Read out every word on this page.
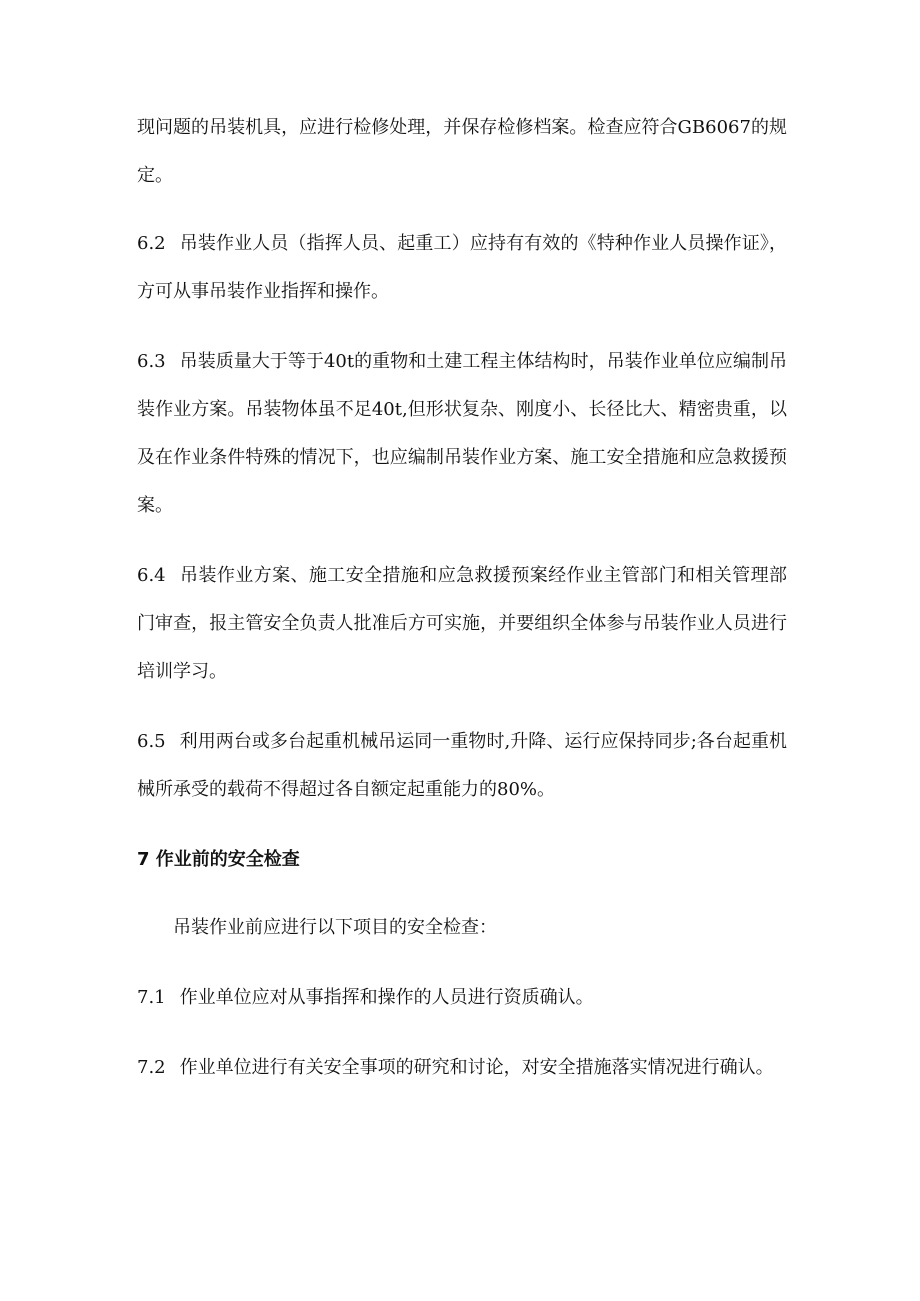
现问题的吊装机具，应进行检修处理，并保存检修档案。检查应符合GB6067的规定。

6.2 吊装作业人员（指挥人员、起重工）应持有有效的《特种作业人员操作证》，方可从事吊装作业指挥和操作。

6.3 吊装质量大于等于40t的重物和土建工程主体结构时，吊装作业单位应编制吊装作业方案。吊装物体虽不足40t,但形状复杂、刚度小、长径比大、精密贵重，以及在作业条件特殊的情况下，也应编制吊装作业方案、施工安全措施和应急救援预案。

6.4 吊装作业方案、施工安全措施和应急救援预案经作业主管部门和相关管理部门审查，报主管安全负责人批准后方可实施，并要组织全体参与吊装作业人员进行培训学习。

6.5 利用两台或多台起重机械吊运同一重物时,升降、运行应保持同步;各台起重机械所承受的载荷不得超过各自额定起重能力的80%。

7 作业前的安全检查

吊装作业前应进行以下项目的安全检查：

7.1 作业单位应对从事指挥和操作的人员进行资质确认。

7.2 作业单位进行有关安全事项的研究和讨论，对安全措施落实情况进行确认。
